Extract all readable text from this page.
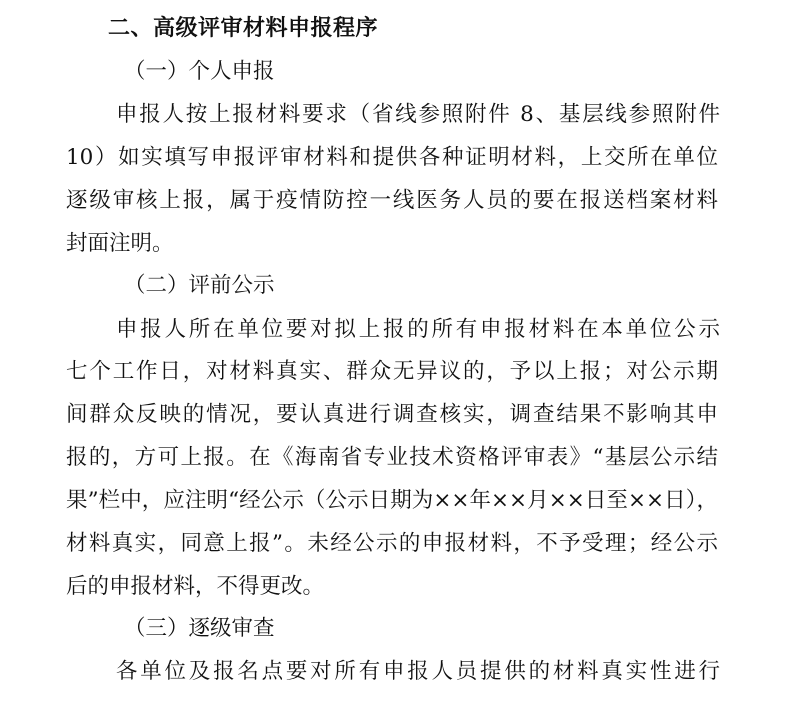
二、高级评审材料申报程序
（一）个人申报
申报人按上报材料要求（省线参照附件 8、基层线参照附件
10）如实填写申报评审材料和提供各种证明材料，上交所在单位
逐级审核上报，属于疫情防控一线医务人员的要在报送档案材料
封面注明。
（二）评前公示
申报人所在单位要对拟上报的所有申报材料在本单位公示
七个工作日，对材料真实、群众无异议的，予以上报；对公示期
间群众反映的情况，要认真进行调查核实，调查结果不影响其申
报的，方可上报。在《海南省专业技术资格评审表》“基层公示结
果”栏中，应注明“经公示（公示日期为××年××月××日至××日），
材料真实，同意上报”。未经公示的申报材料，不予受理；经公示
后的申报材料，不得更改。
（三）逐级审查
各单位及报名点要对所有申报人员提供的材料真实性进行
